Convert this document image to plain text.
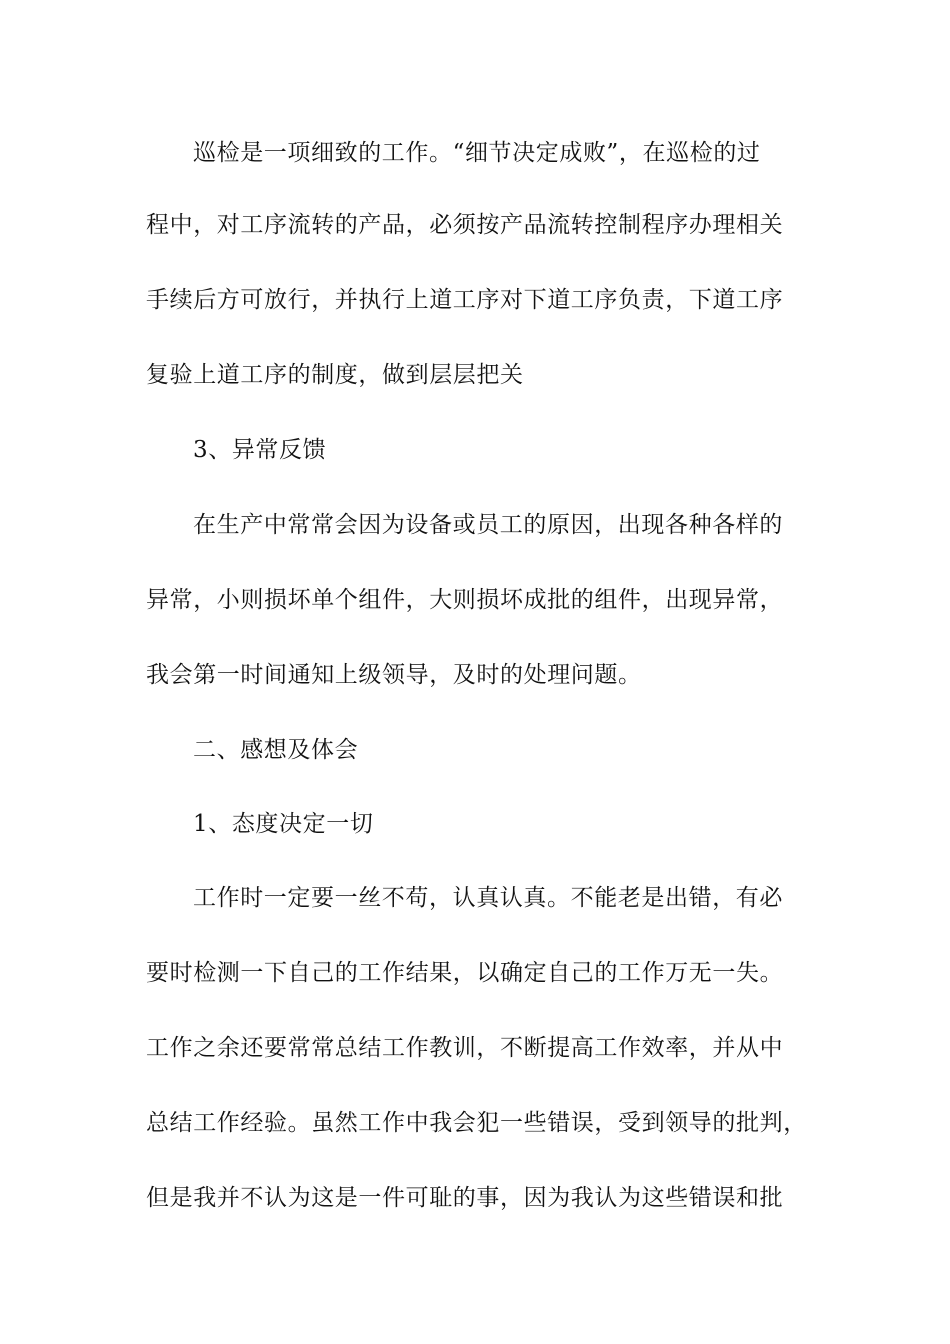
巡检是一项细致的工作。“细节决定成败”，在巡检的过
程中，对工序流转的产品，必须按产品流转控制程序办理相关
手续后方可放行，并执行上道工序对下道工序负责，下道工序
复验上道工序的制度，做到层层把关
3、异常反馈
在生产中常常会因为设备或员工的原因，出现各种各样的
异常，小则损坏单个组件，大则损坏成批的组件，出现异常，
我会第一时间通知上级领导，及时的处理问题。
二、感想及体会
1、态度决定一切
工作时一定要一丝不苟，认真认真。不能老是出错，有必
要时检测一下自己的工作结果，以确定自己的工作万无一失。
工作之余还要常常总结工作教训，不断提高工作效率，并从中
总结工作经验。虽然工作中我会犯一些错误，受到领导的批判，
但是我并不认为这是一件可耻的事，因为我认为这些错误和批
